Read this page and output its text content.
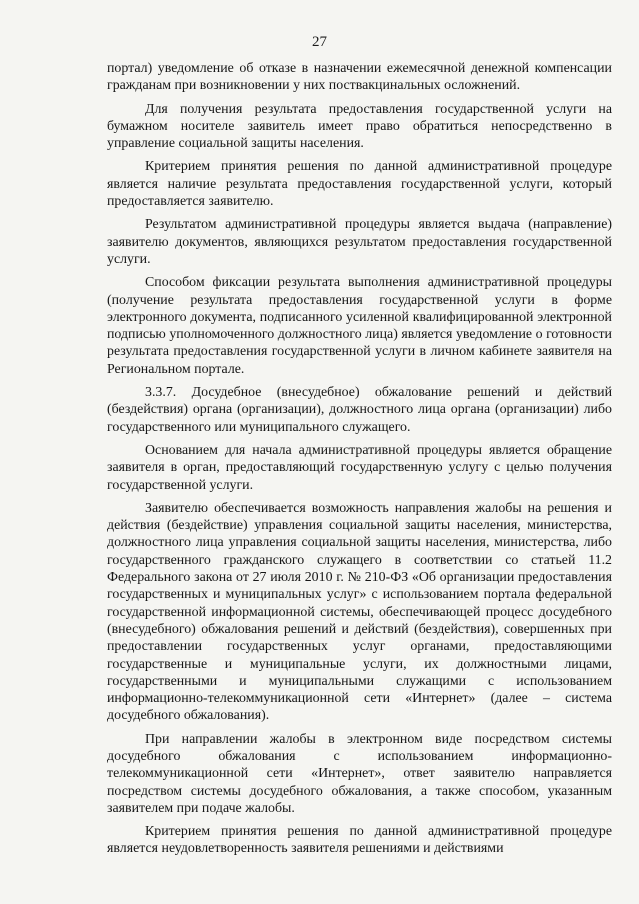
27

портал) уведомление об отказе в назначении ежемесячной денежной компенсации гражданам при возникновении у них поствакцинальных осложнений.

Для получения результата предоставления государственной услуги на бумажном носителе заявитель имеет право обратиться непосредственно в управление социальной защиты населения.

Критерием принятия решения по данной административной процедуре является наличие результата предоставления государственной услуги, который предоставляется заявителю.

Результатом административной процедуры является выдача (направление) заявителю документов, являющихся результатом предоставления государственной услуги.

Способом фиксации результата выполнения административной процедуры (получение результата предоставления государственной услуги в форме электронного документа, подписанного усиленной квалифицированной электронной подписью уполномоченного должностного лица) является уведомление о готовности результата предоставления государственной услуги в личном кабинете заявителя на Региональном портале.

3.3.7. Досудебное (внесудебное) обжалование решений и действий (бездействия) органа (организации), должностного лица органа (организации) либо государственного или муниципального служащего.

Основанием для начала административной процедуры является обращение заявителя в орган, предоставляющий государственную услугу с целью получения государственной услуги.

Заявителю обеспечивается возможность направления жалобы на решения и действия (бездействие) управления социальной защиты населения, министерства, должностного лица управления социальной защиты населения, министерства, либо государственного гражданского служащего в соответствии со статьей 11.2 Федерального закона от 27 июля 2010 г. № 210-ФЗ «Об организации предоставления государственных и муниципальных услуг» с использованием портала федеральной государственной информационной системы, обеспечивающей процесс досудебного (внесудебного) обжалования решений и действий (бездействия), совершенных при предоставлении государственных услуг органами, предоставляющими государственные и муниципальные услуги, их должностными лицами, государственными и муниципальными служащими с использованием информационно-телекоммуникационной сети «Интернет» (далее – система досудебного обжалования).

При направлении жалобы в электронном виде посредством системы досудебного обжалования с использованием информационно-телекоммуникационной сети «Интернет», ответ заявителю направляется посредством системы досудебного обжалования, а также способом, указанным заявителем при подаче жалобы.

Критерием принятия решения по данной административной процедуре является неудовлетворенность заявителя решениями и действиями
